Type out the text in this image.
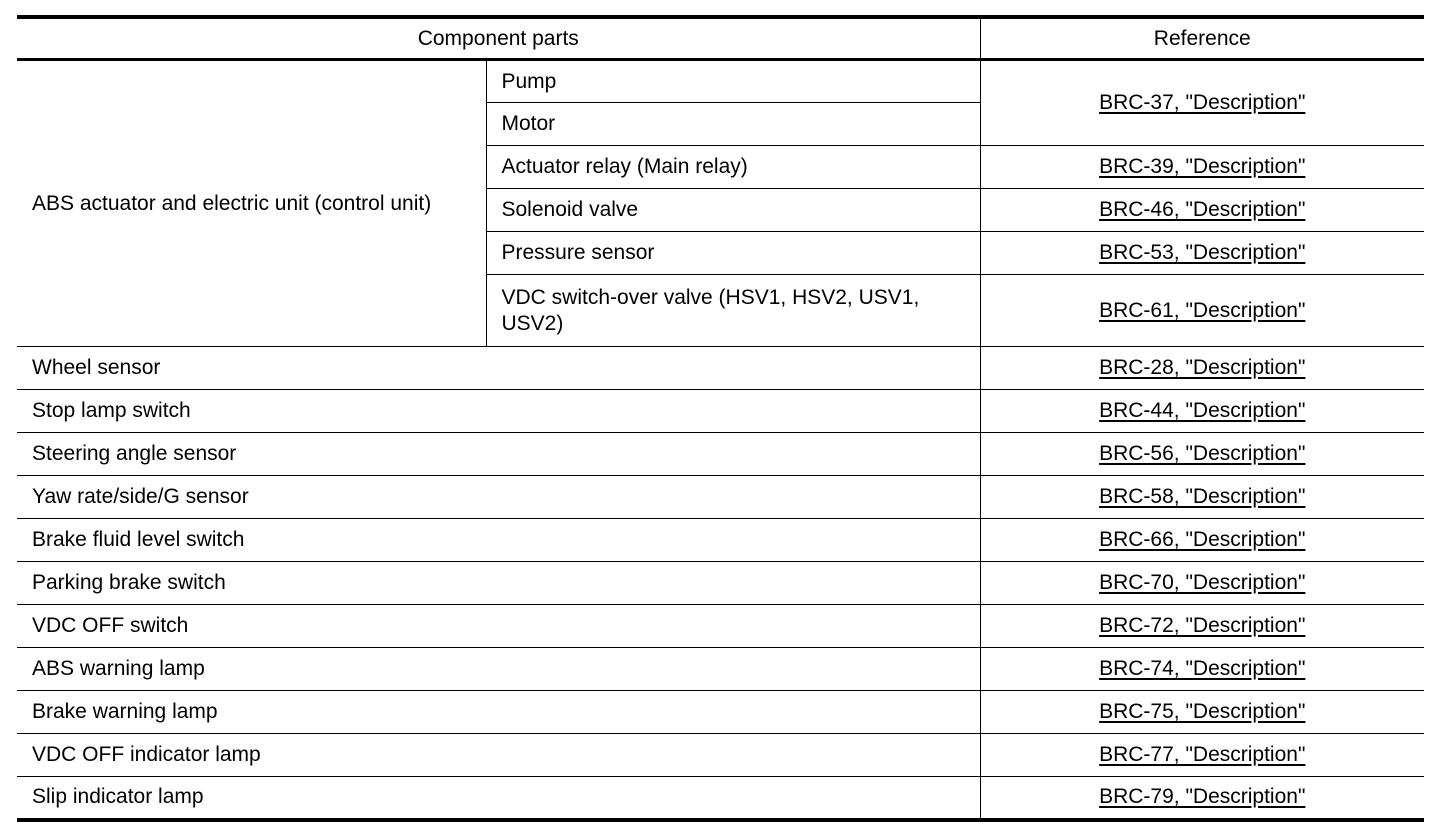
Component parts		Reference
ABS actuator and electric unit (control unit)	Pump	BRC-37, "Description"
	Motor	
	Actuator relay (Main relay)	BRC-39, "Description"
	Solenoid valve	BRC-46, "Description"
	Pressure sensor	BRC-53, "Description"
	VDC switch-over valve (HSV1, HSV2, USV1, USV2)	BRC-61, "Description"
Wheel sensor		BRC-28, "Description"
Stop lamp switch		BRC-44, "Description"
Steering angle sensor		BRC-56, "Description"
Yaw rate/side/G sensor		BRC-58, "Description"
Brake fluid level switch		BRC-66, "Description"
Parking brake switch		BRC-70, "Description"
VDC OFF switch		BRC-72, "Description"
ABS warning lamp		BRC-74, "Description"
Brake warning lamp		BRC-75, "Description"
VDC OFF indicator lamp		BRC-77, "Description"
Slip indicator lamp		BRC-79, "Description"
